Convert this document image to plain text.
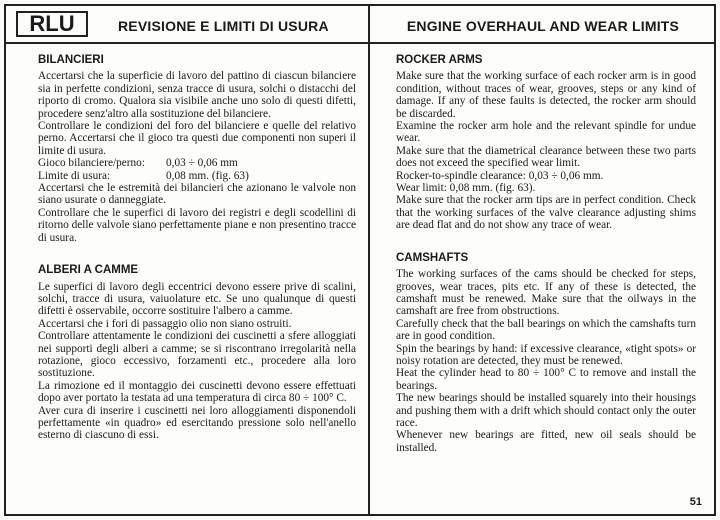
RLU	REVISIONE E LIMITI DI USURA	ENGINE OVERHAUL AND WEAR LIMITS
BILANCIERI

Accertarsi che la superficie di lavoro del pattino di ciascun bilanciere sia in perfette condizioni, senza tracce di usura, solchi o distacchi del riporto di cromo. Qualora sia visibile anche uno solo di questi difetti, procedere senz'altro alla sostituzione del bilanciere.

Controllare le condizioni del foro del bilanciere e quelle del relativo perno. Accertarsi che il gioco tra questi due componenti non superi il limite di usura.

Gioco bilanciere/perno:	0,03 ÷ 0,06 mm
Limite di usura:	0,08 mm. (fig. 63)

Accertarsi che le estremità dei bilancieri che azionano le valvole non siano usurate o danneggiate.

Controllare che le superfici di lavoro dei registri e degli scodellini di ritorno delle valvole siano perfettamente piane e non presentino tracce di usura.

ALBERI A CAMME

Le superfici di lavoro degli eccentrici devono essere prive di scalini, solchi, tracce di usura, vaiuolature etc. Se uno qualunque di questi difetti è osservabile, occorre sostituire l'albero a camme.

Accertarsi che i fori di passaggio olio non siano ostruiti.

Controllare attentamente le condizioni dei cuscinetti a sfere alloggiati nei supporti degli alberi a camme; se si riscontrano irregolarità nella rotazione, gioco eccessivo, forzamenti etc., procedere alla loro sostituzione.

La rimozione ed il montaggio dei cuscinetti devono essere effettuati dopo aver portato la testata ad una temperatura di circa 80 ÷ 100° C.

Aver cura di inserire i cuscinetti nei loro alloggiamenti disponendoli perfettamente «in quadro» ed esercitando pressione solo nell'anello esterno di ciascuno di essi.

ROCKER ARMS

Make sure that the working surface of each rocker arm is in good condition, without traces of wear, grooves, steps or any kind of damage. If any of these faults is detected, the rocker arm should be discarded.

Examine the rocker arm hole and the relevant spindle for undue wear.

Make sure that the diametrical clearance between these two parts does not exceed the specified wear limit.

Rocker-to-spindle clearance: 0,03 ÷ 0,06 mm.

Wear limit: 0,08 mm. (fig. 63).

Make sure that the rocker arm tips are in perfect condition. Check that the working surfaces of the valve clearance adjusting shims are dead flat and do not show any trace of wear.

CAMSHAFTS

The working surfaces of the cams should be checked for steps, grooves, wear traces, pits etc. If any of these is detected, the camshaft must be renewed. Make sure that the oilways in the camshaft are free from obstructions.

Carefully check that the ball bearings on which the camshafts turn are in good condition.

Spin the bearings by hand: if excessive clearance, «tight spots» or noisy rotation are detected, they must be renewed.

Heat the cylinder head to 80 ÷ 100° C to remove and install the bearings.

The new bearings should be installed squarely into their housings and pushing them with a drift which should contact only the outer race.

Whenever new bearings are fitted, new oil seals should be installed.

51
